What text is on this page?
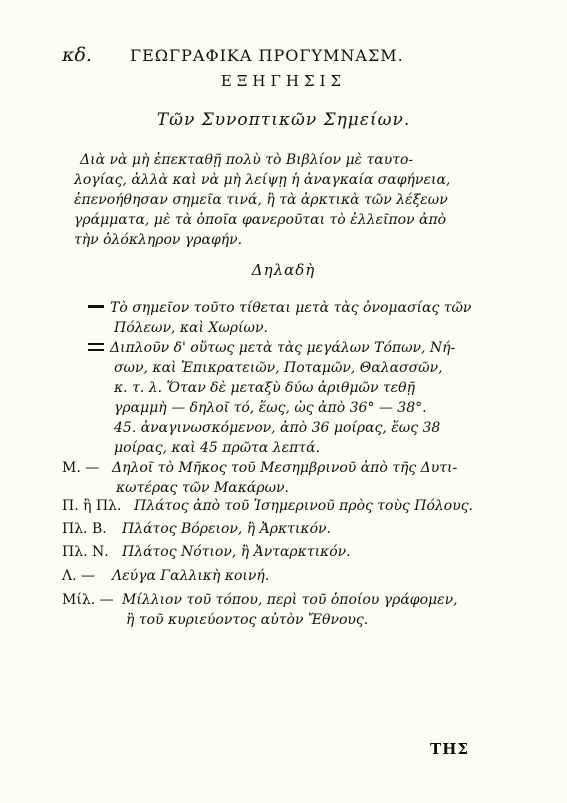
κδ. ΓΕΩΓΡΑΦΙΚΑ ΠΡΟΓΥΜΝΑΣΜ.
ΕΞΗΓΗΣΙΣ
Τῶν Συνοπτικῶν Σημείων.
Διὰ νὰ μὴ ἐπεκταθῇ πολὺ τὸ Βιβλίον μὲ ταυτο-
λογίας, ἀλλὰ καὶ νὰ μὴ λείψῃ ἡ ἀναγκαία σαφήνεια,
ἐπενοήθησαν σημεῖα τινά, ἢ τὰ ἀρκτικὰ τῶν λέξεων
γράμματα, μὲ τὰ ὁποῖα φανεροῦται τὸ ἐλλεῖπον ἀπὸ
τὴν ὁλόκληρον γραφήν.
Δηλαδὴ
Τὸ σημεῖον τοῦτο τίθεται μετὰ τὰς ὀνομασίας τῶν
Πόλεων, καὶ Χωρίων.
Διπλοῦν δ' οὕτως μετὰ τὰς μεγάλων Τόπων, Νή-
σων, καὶ Ἐπικρατειῶν, Ποταμῶν, Θαλασσῶν,
κ. τ. λ. Ὅταν δὲ μεταξὺ δύω ἀριθμῶν τεθῇ
γραμμὴ — δηλοῖ τό, ἕως, ὡς ἀπὸ 36° — 38°.
45. ἀναγινωσκόμενον, ἀπὸ 36 μοίρας, ἕως 38
μοίρας, καὶ 45 πρῶτα λεπτά.
Μ. — Δηλοῖ τὸ Μῆκος τοῦ Μεσημβρινοῦ ἀπὸ τῆς Δυτι-
κωτέρας τῶν Μακάρων.
Π. ἢ Πλ. Πλάτος ἀπὸ τοῦ Ἰσημερινοῦ πρὸς τοὺς Πόλους.
Πλ. Β.	Πλάτος Βόρειον, ἢ Ἀρκτικόν.
Πλ. Ν. Πλάτος Νότιον, ἢ Ἀνταρκτικόν.
Λ. —	Λεύγα Γαλλικὴ κοινή.
Μίλ. — Μίλλιον τοῦ τόπου, περὶ τοῦ ὁποίου γράφομεν,
ἢ τοῦ κυριεύοντος αὐτὸν Ἔθνους.
ΤΗΣ
